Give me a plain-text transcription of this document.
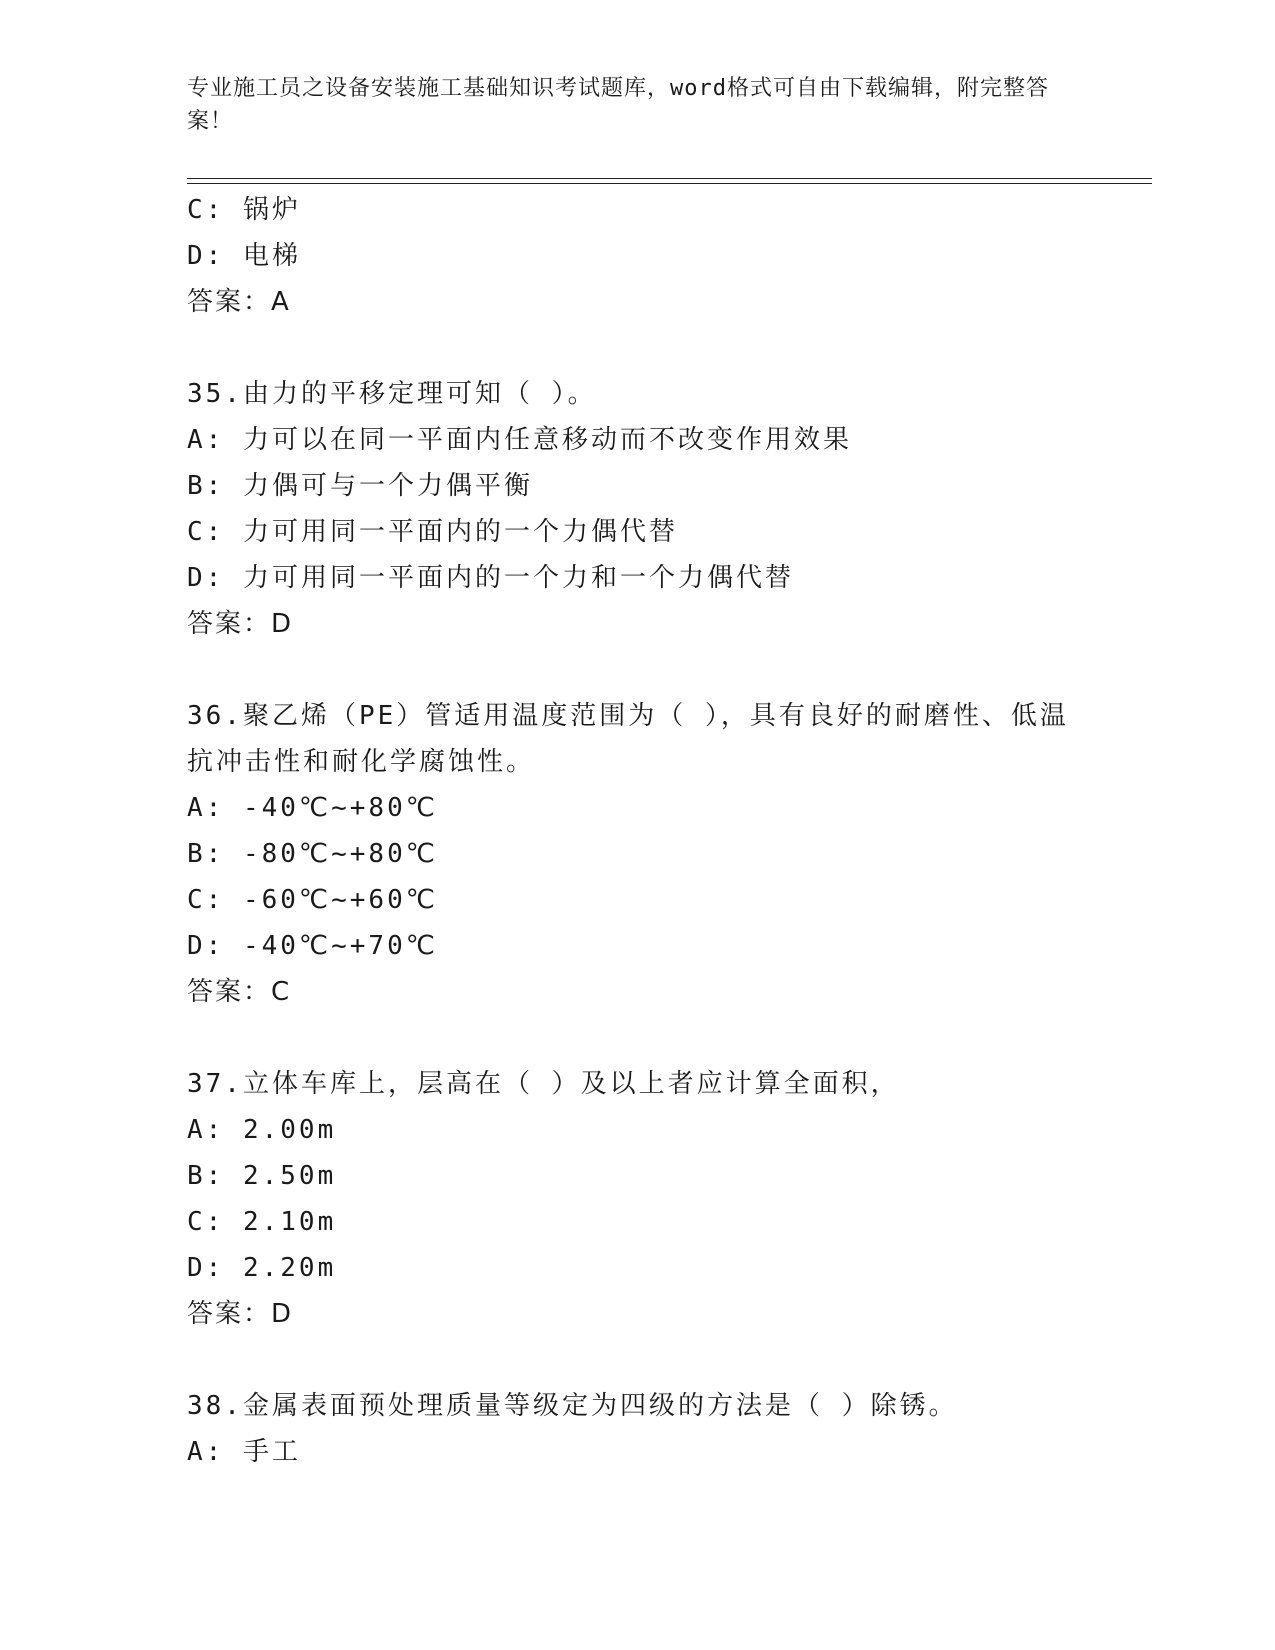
专业施工员之设备安装施工基础知识考试题库，word格式可自由下载编辑，附完整答案！
C: 锅炉
D: 电梯
答案：A
35.由力的平移定理可知（ ）。
A: 力可以在同一平面内任意移动而不改变作用效果
B: 力偶可与一个力偶平衡
C: 力可用同一平面内的一个力偶代替
D: 力可用同一平面内的一个力和一个力偶代替
答案：D
36.聚乙烯（PE）管适用温度范围为（ ），具有良好的耐磨性、低温
抗冲击性和耐化学腐蚀性。
A: -40℃~+80℃
B: -80℃~+80℃
C: -60℃~+60℃
D: -40℃~+70℃
答案：C
37.立体车库上，层高在（ ）及以上者应计算全面积，
A: 2.00m
B: 2.50m
C: 2.10m
D: 2.20m
答案：D
38.金属表面预处理质量等级定为四级的方法是（ ）除锈。
A: 手工
